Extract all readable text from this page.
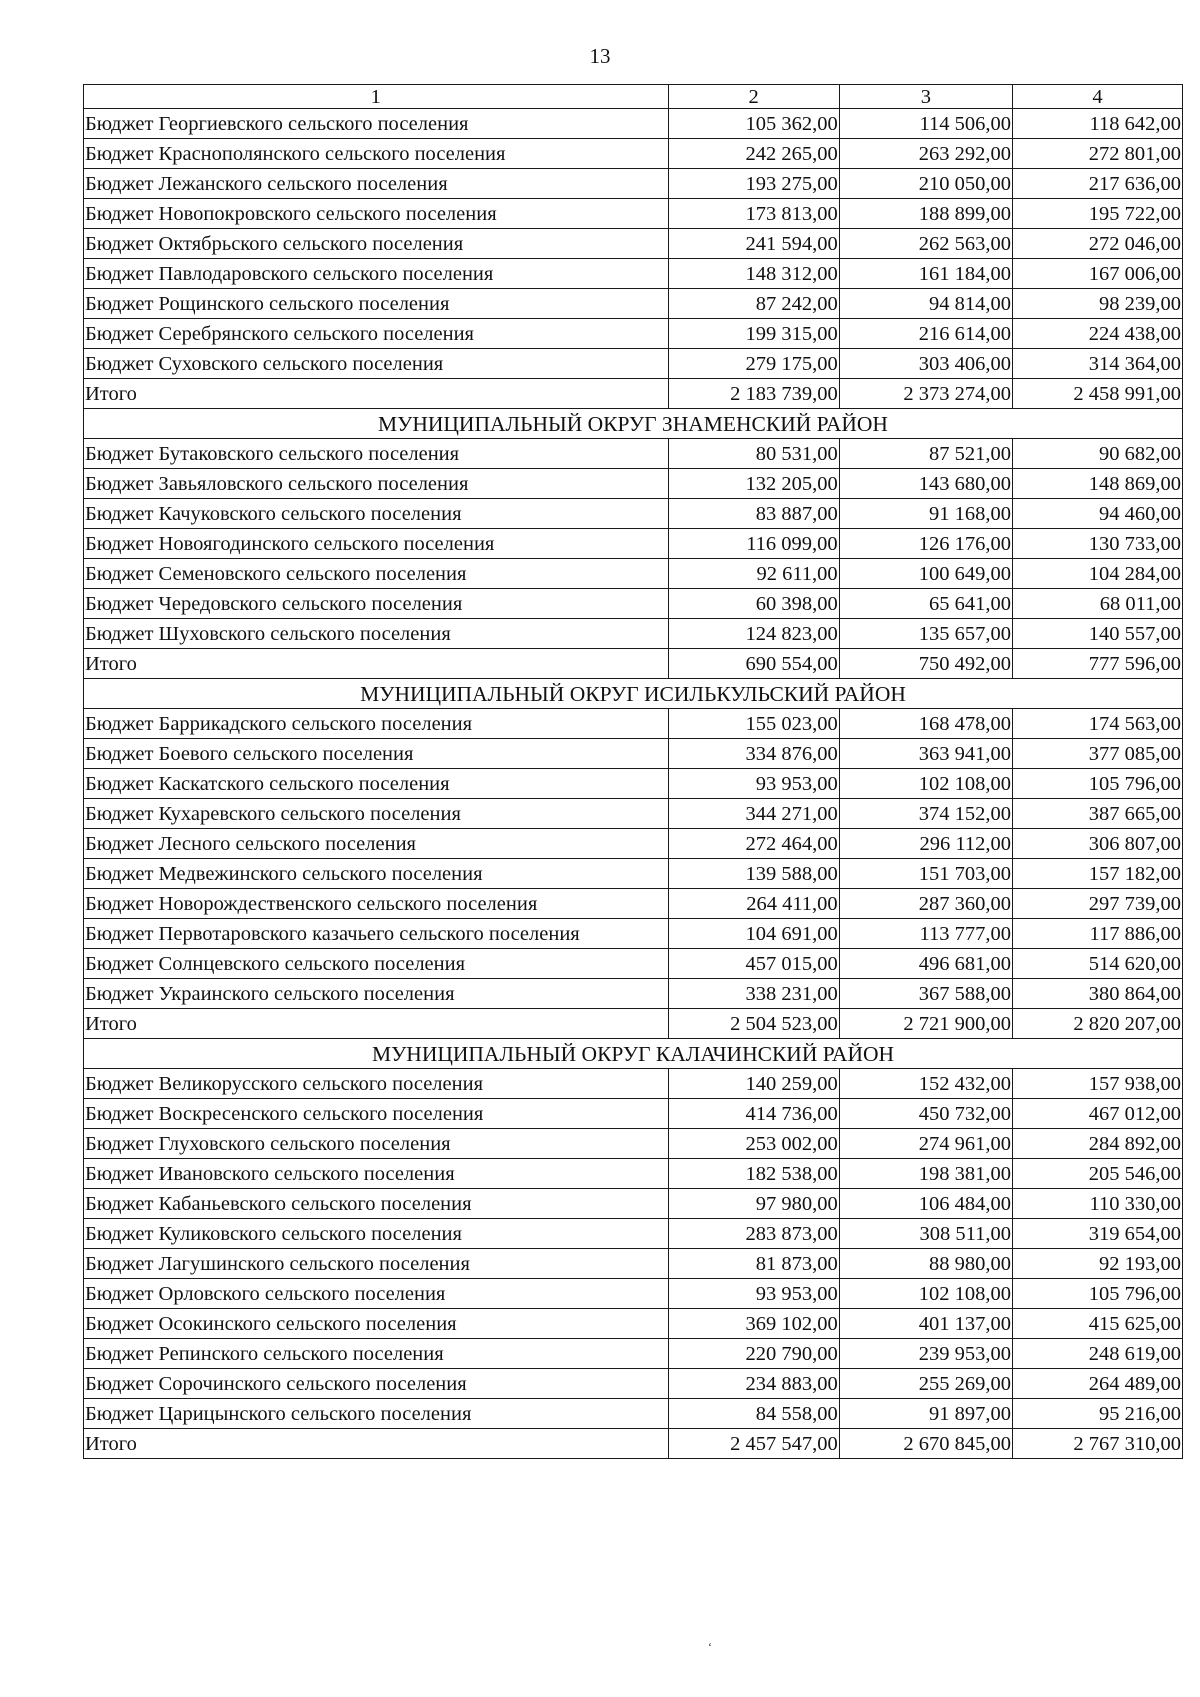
13
1	2	3	4
Бюджет Георгиевского сельского поселения	105 362,00	114 506,00	118 642,00
Бюджет Краснополянского сельского поселения	242 265,00	263 292,00	272 801,00
Бюджет Лежанского сельского поселения	193 275,00	210 050,00	217 636,00
Бюджет Новопокровского сельского поселения	173 813,00	188 899,00	195 722,00
Бюджет Октябрьского сельского поселения	241 594,00	262 563,00	272 046,00
Бюджет Павлодаровского сельского поселения	148 312,00	161 184,00	167 006,00
Бюджет Рощинского сельского поселения	87 242,00	94 814,00	98 239,00
Бюджет Серебрянского сельского поселения	199 315,00	216 614,00	224 438,00
Бюджет Суховского сельского поселения	279 175,00	303 406,00	314 364,00
Итого	2 183 739,00	2 373 274,00	2 458 991,00
МУНИЦИПАЛЬНЫЙ ОКРУГ ЗНАМЕНСКИЙ РАЙОН			
Бюджет Бутаковского сельского поселения	80 531,00	87 521,00	90 682,00
Бюджет Завьяловского сельского поселения	132 205,00	143 680,00	148 869,00
Бюджет Качуковского сельского поселения	83 887,00	91 168,00	94 460,00
Бюджет Новоягодинского сельского поселения	116 099,00	126 176,00	130 733,00
Бюджет Семеновского сельского поселения	92 611,00	100 649,00	104 284,00
Бюджет Чередовского сельского поселения	60 398,00	65 641,00	68 011,00
Бюджет Шуховского сельского поселения	124 823,00	135 657,00	140 557,00
Итого	690 554,00	750 492,00	777 596,00
МУНИЦИПАЛЬНЫЙ ОКРУГ ИСИЛЬКУЛЬСКИЙ РАЙОН			
Бюджет Баррикадского сельского поселения	155 023,00	168 478,00	174 563,00
Бюджет Боевого сельского поселения	334 876,00	363 941,00	377 085,00
Бюджет Каскатского сельского поселения	93 953,00	102 108,00	105 796,00
Бюджет Кухаревского сельского поселения	344 271,00	374 152,00	387 665,00
Бюджет Лесного сельского поселения	272 464,00	296 112,00	306 807,00
Бюджет Медвежинского сельского поселения	139 588,00	151 703,00	157 182,00
Бюджет Новорождественского сельского поселения	264 411,00	287 360,00	297 739,00
Бюджет Первотаровского казачьего сельского поселения	104 691,00	113 777,00	117 886,00
Бюджет Солнцевского сельского поселения	457 015,00	496 681,00	514 620,00
Бюджет Украинского сельского поселения	338 231,00	367 588,00	380 864,00
Итого	2 504 523,00	2 721 900,00	2 820 207,00
МУНИЦИПАЛЬНЫЙ ОКРУГ КАЛАЧИНСКИЙ РАЙОН			
Бюджет Великорусского сельского поселения	140 259,00	152 432,00	157 938,00
Бюджет Воскресенского сельского поселения	414 736,00	450 732,00	467 012,00
Бюджет Глуховского сельского поселения	253 002,00	274 961,00	284 892,00
Бюджет Ивановского сельского поселения	182 538,00	198 381,00	205 546,00
Бюджет Кабаньевского сельского поселения	97 980,00	106 484,00	110 330,00
Бюджет Куликовского сельского поселения	283 873,00	308 511,00	319 654,00
Бюджет Лагушинского сельского поселения	81 873,00	88 980,00	92 193,00
Бюджет Орловского сельского поселения	93 953,00	102 108,00	105 796,00
Бюджет Осокинского сельского поселения	369 102,00	401 137,00	415 625,00
Бюджет Репинского сельского поселения	220 790,00	239 953,00	248 619,00
Бюджет Сорочинского сельского поселения	234 883,00	255 269,00	264 489,00
Бюджет Царицынского сельского поселения	84 558,00	91 897,00	95 216,00
Итого	2 457 547,00	2 670 845,00	2 767 310,00
ʻ
